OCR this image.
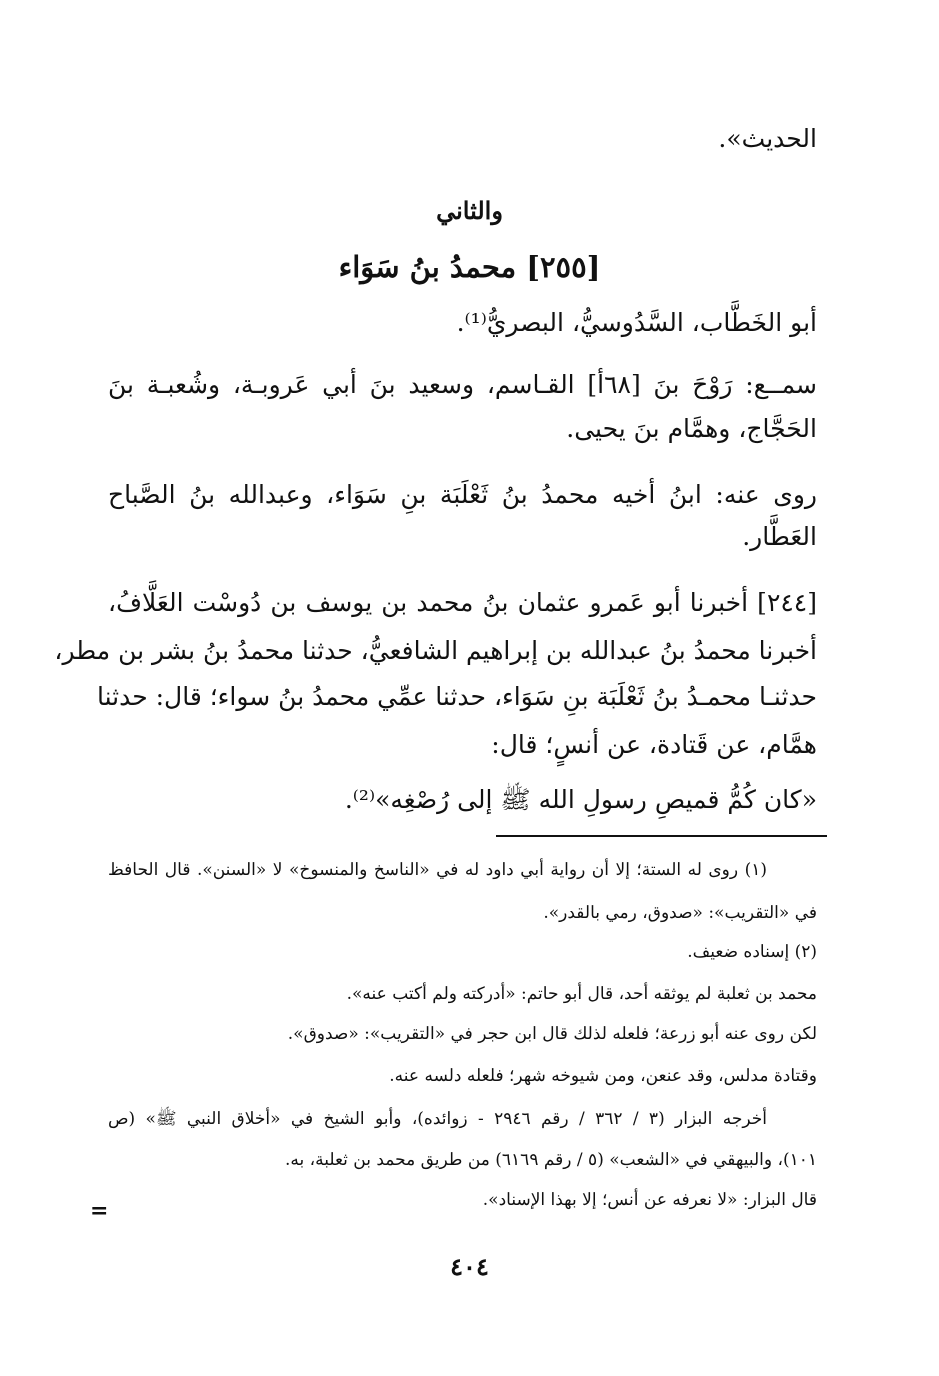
الحديث».
والثاني
[٢٥٥] محمدُ بنُ سَوَاء
أبو الخَطَّاب، السَّدُوسيُّ، البصريُّ⁽¹⁾.
سمــع: رَوْحَ بنَ [٦٨أ] القـاسم، وسعيد بنَ أبي عَروبـة، وشُعبـة بنَ
الحَجَّاج، وهمَّام بنَ يحيى.
روى عنه: ابنُ أخيه محمدُ بنُ ثَعْلَبَة بنِ سَوَاء، وعبدالله بنُ الصَّباح
العَطَّار.
[٢٤٤] أخبرنا أبو عَمرو عثمان بنُ محمد بن يوسف بن دُوسْت العَلَّافُ،
أخبرنا محمدُ بنُ عبدالله بن إبراهيم الشافعيُّ، حدثنا محمدُ بنُ بشر بن مطر،
حدثنـا محمـدُ بنُ ثَعْلَبَة بنِ سَوَاء، حدثنا عمِّي محمدُ بنُ سواء؛ قال: حدثنا
همَّام، عن قَتادة، عن أنسٍ؛ قال:
«كان كُمُّ قميصِ رسولِ الله ﷺ إلى رُصْغِه»⁽²⁾.
(١) روى له الستة؛ إلا أن رواية أبي داود له في «الناسخ والمنسوخ» لا «السنن». قال الحافظ
في «التقريب»: «صدوق، رمي بالقدر».
(٢) إسناده ضعيف.
محمد بن ثعلبة لم يوثقه أحد، قال أبو حاتم: «أدركته ولم أكتب عنه».
لكن روى عنه أبو زرعة؛ فلعله لذلك قال ابن حجر في «التقريب»: «صدوق».
وقتادة مدلس، وقد عنعن، ومن شيوخه شهر؛ فلعله دلسه عنه.
أخرجه البزار (٣ / ٣٦٢ / رقم ٢٩٤٦ - زوائده)، وأبو الشيخ في «أخلاق النبي ﷺ» (ص
١٠١)، والبيهقي في «الشعب» (٥ / رقم ٦١٦٩) من طريق محمد بن ثعلبة، به.
قال البزار: «لا نعرفه عن أنس؛ إلا بهذا الإسناد».
=
٤٠٤
